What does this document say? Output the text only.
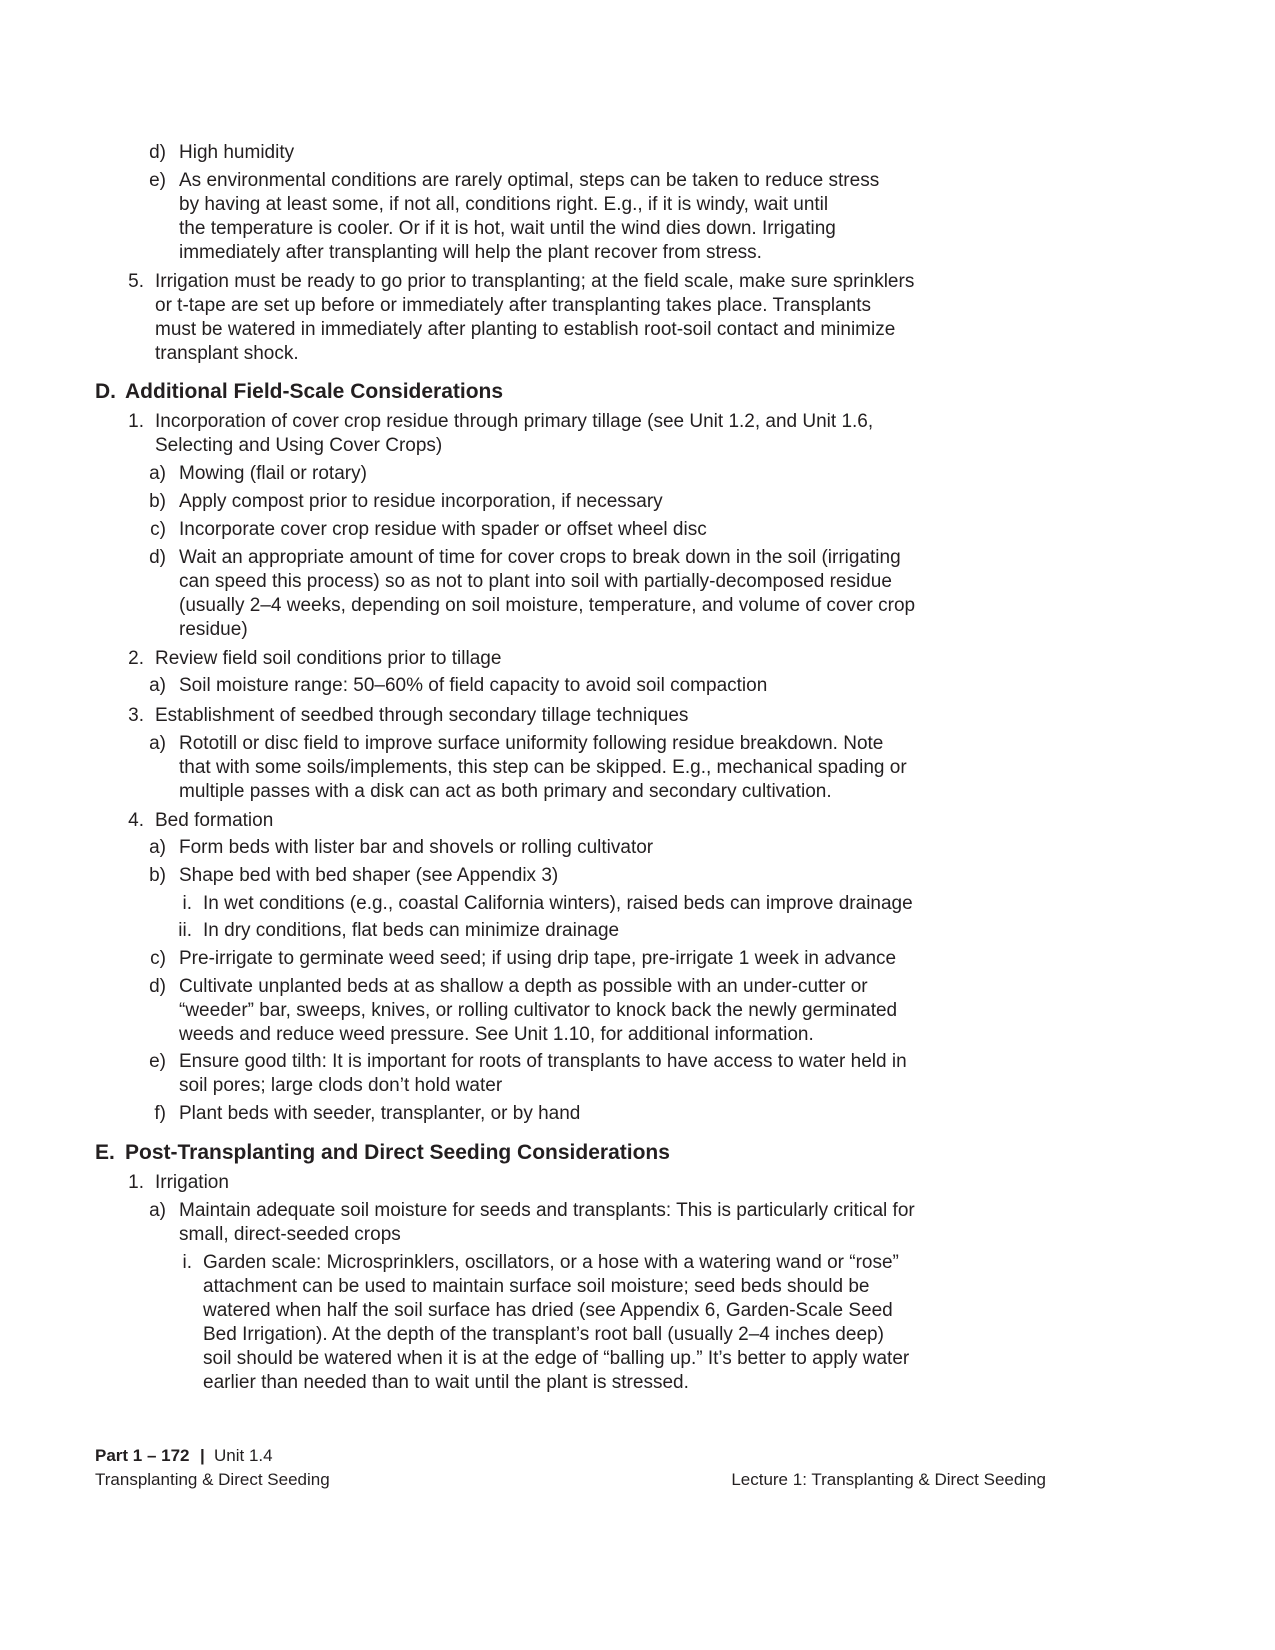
d) High humidity
e) As environmental conditions are rarely optimal, steps can be taken to reduce stress
by having at least some, if not all, conditions right. E.g., if it is windy, wait until
the temperature is cooler. Or if it is hot, wait until the wind dies down. Irrigating
immediately after transplanting will help the plant recover from stress.
5. Irrigation must be ready to go prior to transplanting; at the field scale, make sure sprinklers
or t-tape are set up before or immediately after transplanting takes place. Transplants
must be watered in immediately after planting to establish root-soil contact and minimize
transplant shock.
D. Additional Field-Scale Considerations
1. Incorporation of cover crop residue through primary tillage (see Unit 1.2, and Unit 1.6,
Selecting and Using Cover Crops)
a) Mowing (flail or rotary)
b) Apply compost prior to residue incorporation, if necessary
c) Incorporate cover crop residue with spader or offset wheel disc
d) Wait an appropriate amount of time for cover crops to break down in the soil (irrigating
can speed this process) so as not to plant into soil with partially-decomposed residue
(usually 2–4 weeks, depending on soil moisture, temperature, and volume of cover crop
residue)
2. Review field soil conditions prior to tillage
a) Soil moisture range: 50–60% of field capacity to avoid soil compaction
3. Establishment of seedbed through secondary tillage techniques
a) Rototill or disc field to improve surface uniformity following residue breakdown. Note
that with some soils/implements, this step can be skipped. E.g., mechanical spading or
multiple passes with a disk can act as both primary and secondary cultivation.
4. Bed formation
a) Form beds with lister bar and shovels or rolling cultivator
b) Shape bed with bed shaper (see Appendix 3)
i. In wet conditions (e.g., coastal California winters), raised beds can improve drainage
ii. In dry conditions, flat beds can minimize drainage
c) Pre-irrigate to germinate weed seed; if using drip tape, pre-irrigate 1 week in advance
d) Cultivate unplanted beds at as shallow a depth as possible with an under-cutter or
“weeder” bar, sweeps, knives, or rolling cultivator to knock back the newly germinated
weeds and reduce weed pressure. See Unit 1.10, for additional information.
e) Ensure good tilth: It is important for roots of transplants to have access to water held in
soil pores; large clods don’t hold water
f) Plant beds with seeder, transplanter, or by hand
E. Post-Transplanting and Direct Seeding Considerations
1. Irrigation
a) Maintain adequate soil moisture for seeds and transplants: This is particularly critical for
small, direct-seeded crops
i. Garden scale: Microsprinklers, oscillators, or a hose with a watering wand or “rose”
attachment can be used to maintain surface soil moisture; seed beds should be
watered when half the soil surface has dried (see Appendix 6, Garden-Scale Seed
Bed Irrigation). At the depth of the transplant’s root ball (usually 2–4 inches deep)
soil should be watered when it is at the edge of “balling up.” It’s better to apply water
earlier than needed than to wait until the plant is stressed.
Part 1 – 172 | Unit 1.4
Transplanting & Direct Seeding	Lecture 1: Transplanting & Direct Seeding
